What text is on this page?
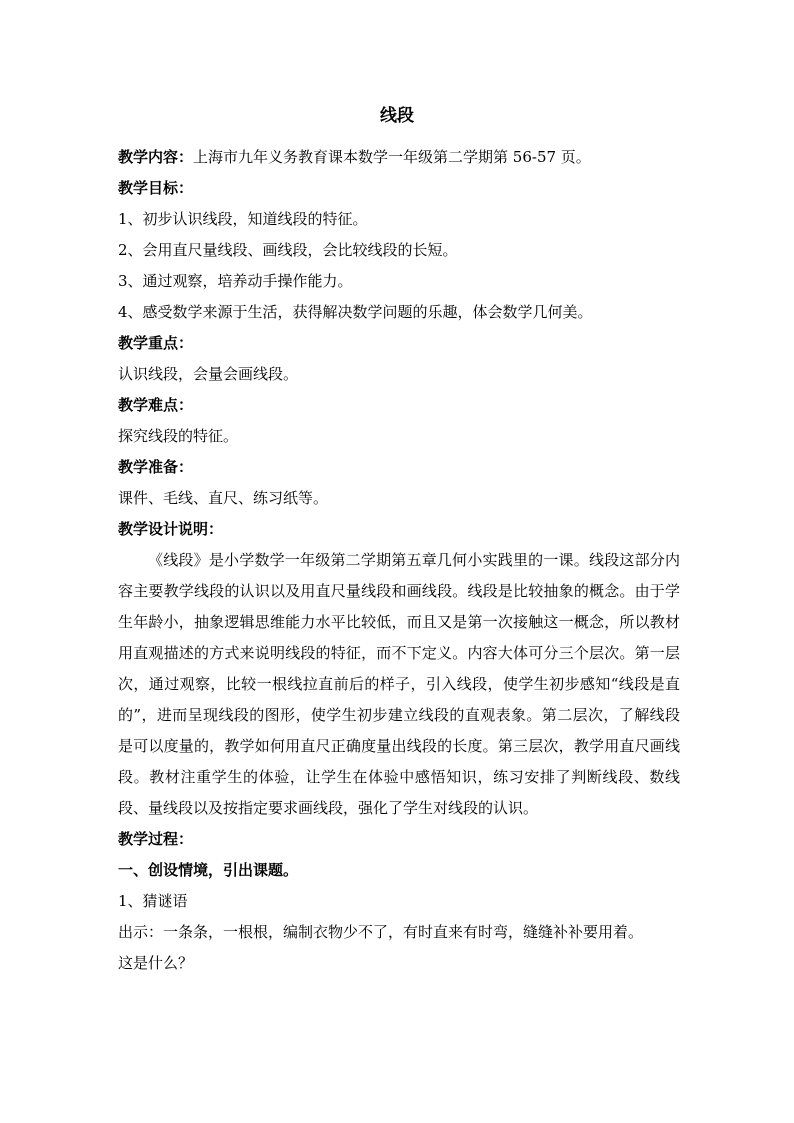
线段
教学内容：上海市九年义务教育课本数学一年级第二学期第 56-57 页。
教学目标：
1、初步认识线段，知道线段的特征。
2、会用直尺量线段、画线段，会比较线段的长短。
3、通过观察，培养动手操作能力。
4、感受数学来源于生活，获得解决数学问题的乐趣，体会数学几何美。
教学重点：
认识线段，会量会画线段。
教学难点：
探究线段的特征。
教学准备：
课件、毛线、直尺、练习纸等。
教学设计说明：
《线段》是小学数学一年级第二学期第五章几何小实践里的一课。线段这部分内容主要教学线段的认识以及用直尺量线段和画线段。线段是比较抽象的概念。由于学生年龄小，抽象逻辑思维能力水平比较低，而且又是第一次接触这一概念，所以教材用直观描述的方式来说明线段的特征，而不下定义。内容大体可分三个层次。第一层次，通过观察，比较一根线拉直前后的样子，引入线段，使学生初步感知“线段是直的”，进而呈现线段的图形，使学生初步建立线段的直观表象。第二层次，了解线段是可以度量的，教学如何用直尺正确度量出线段的长度。第三层次，教学用直尺画线段。教材注重学生的体验，让学生在体验中感悟知识，练习安排了判断线段、数线段、量线段以及按指定要求画线段，强化了学生对线段的认识。
教学过程：
一、创设情境，引出课题。
1、猜谜语
出示：一条条，一根根，编制衣物少不了，有时直来有时弯，缝缝补补要用着。
这是什么？
